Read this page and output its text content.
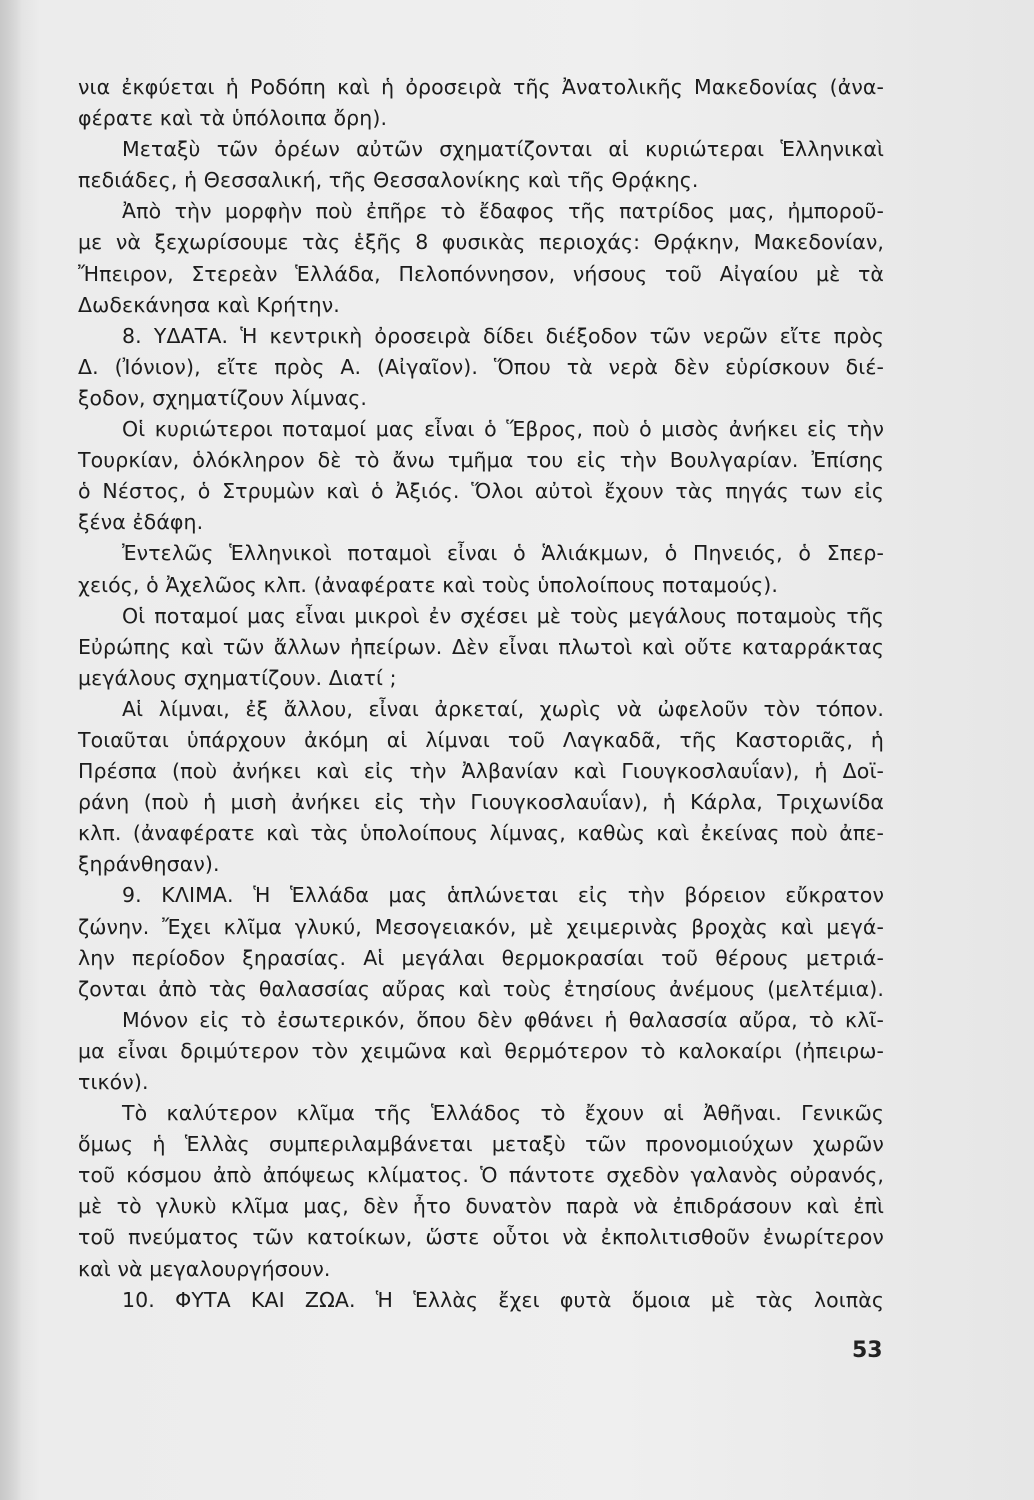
νια ἐκφύεται ἡ Ροδόπη καὶ ἡ ὀροσειρὰ τῆς Ἀνατολικῆς Μακεδονίας (ἀνα-
φέρατε καὶ τὰ ὑπόλοιπα ὄρη).
Μεταξὺ τῶν ὀρέων αὐτῶν σχηματίζονται αἱ κυριώτεραι Ἑλληνικαὶ
πεδιάδες, ἡ Θεσσαλική, τῆς Θεσσαλονίκης καὶ τῆς Θρᾴκης.
Ἀπὸ τὴν μορφὴν ποὺ ἐπῆρε τὸ ἔδαφος τῆς πατρίδος μας, ἠμποροῦ-
με νὰ ξεχωρίσουμε τὰς ἑξῆς 8 φυσικὰς περιοχάς: Θρᾴκην, Μακεδονίαν,
Ἤπειρον, Στερεὰν Ἑλλάδα, Πελοπόννησον, νήσους τοῦ Αἰγαίου μὲ τὰ
Δωδεκάνησα καὶ Κρήτην.
8. ΥΔΑΤΑ. Ἡ κεντρικὴ ὀροσειρὰ δίδει διέξοδον τῶν νερῶν εἴτε πρὸς
Δ. (Ἰόνιον), εἴτε πρὸς Α. (Αἰγαῖον). Ὅπου τὰ νερὰ δὲν εὑρίσκουν διέ-
ξοδον, σχηματίζουν λίμνας.
Οἱ κυριώτεροι ποταμοί μας εἶναι ὁ Ἕβρος, ποὺ ὁ μισὸς ἀνήκει εἰς τὴν
Τουρκίαν, ὁλόκληρον δὲ τὸ ἄνω τμῆμα του εἰς τὴν Βουλγαρίαν. Ἐπίσης
ὁ Νέστος, ὁ Στρυμὼν καὶ ὁ Ἀξιός. Ὅλοι αὐτοὶ ἔχουν τὰς πηγάς των εἰς
ξένα ἐδάφη.
Ἐντελῶς Ἑλληνικοὶ ποταμοὶ εἶναι ὁ Ἁλιάκμων, ὁ Πηνειός, ὁ Σπερ-
χειός, ὁ Ἀχελῶος κλπ. (ἀναφέρατε καὶ τοὺς ὑπολοίπους ποταμούς).
Οἱ ποταμοί μας εἶναι μικροὶ ἐν σχέσει μὲ τοὺς μεγάλους ποταμοὺς τῆς
Εὐρώπης καὶ τῶν ἄλλων ἠπείρων. Δὲν εἶναι πλωτοὶ καὶ οὔτε καταρράκτας
μεγάλους σχηματίζουν. Διατί ;
Αἱ λίμναι, ἐξ ἄλλου, εἶναι ἀρκεταί, χωρὶς νὰ ὠφελοῦν τὸν τόπον.
Τοιαῦται ὑπάρχουν ἀκόμη αἱ λίμναι τοῦ Λαγκαδᾶ, τῆς Καστοριᾶς, ἡ
Πρέσπα (ποὺ ἀνήκει καὶ εἰς τὴν Ἀλβανίαν καὶ Γιουγκοσλαυΐαν), ἡ Δοϊ-
ράνη (ποὺ ἡ μισὴ ἀνήκει εἰς τὴν Γιουγκοσλαυΐαν), ἡ Κάρλα, Τριχωνίδα
κλπ. (ἀναφέρατε καὶ τὰς ὑπολοίπους λίμνας, καθὼς καὶ ἐκείνας ποὺ ἀπε-
ξηράνθησαν).
9. ΚΛΙΜΑ. Ἡ Ἑλλάδα μας ἁπλώνεται εἰς τὴν βόρειον εὔκρατον
ζώνην. Ἔχει κλῖμα γλυκύ, Μεσογειακόν, μὲ χειμερινὰς βροχὰς καὶ μεγά-
λην περίοδον ξηρασίας. Αἱ μεγάλαι θερμοκρασίαι τοῦ θέρους μετριά-
ζονται ἀπὸ τὰς θαλασσίας αὔρας καὶ τοὺς ἐτησίους ἀνέμους (μελτέμια).
Μόνον εἰς τὸ ἐσωτερικόν, ὅπου δὲν φθάνει ἡ θαλασσία αὔρα, τὸ κλῖ-
μα εἶναι δριμύτερον τὸν χειμῶνα καὶ θερμότερον τὸ καλοκαίρι (ἠπειρω-
τικόν).
Τὸ καλύτερον κλῖμα τῆς Ἑλλάδος τὸ ἔχουν αἱ Ἀθῆναι. Γενικῶς
ὅμως ἡ Ἑλλὰς συμπεριλαμβάνεται μεταξὺ τῶν προνομιούχων χωρῶν
τοῦ κόσμου ἀπὸ ἀπόψεως κλίματος. Ὁ πάντοτε σχεδὸν γαλανὸς οὐρανός,
μὲ τὸ γλυκὺ κλῖμα μας, δὲν ἦτο δυνατὸν παρὰ νὰ ἐπιδράσουν καὶ ἐπὶ
τοῦ πνεύματος τῶν κατοίκων, ὥστε οὗτοι νὰ ἐκπολιτισθοῦν ἐνωρίτερον
καὶ νὰ μεγαλουργήσουν.
10. ΦΥΤΑ ΚΑΙ ΖΩΑ. Ἡ Ἑλλὰς ἔχει φυτὰ ὅμοια μὲ τὰς λοιπὰς
53
